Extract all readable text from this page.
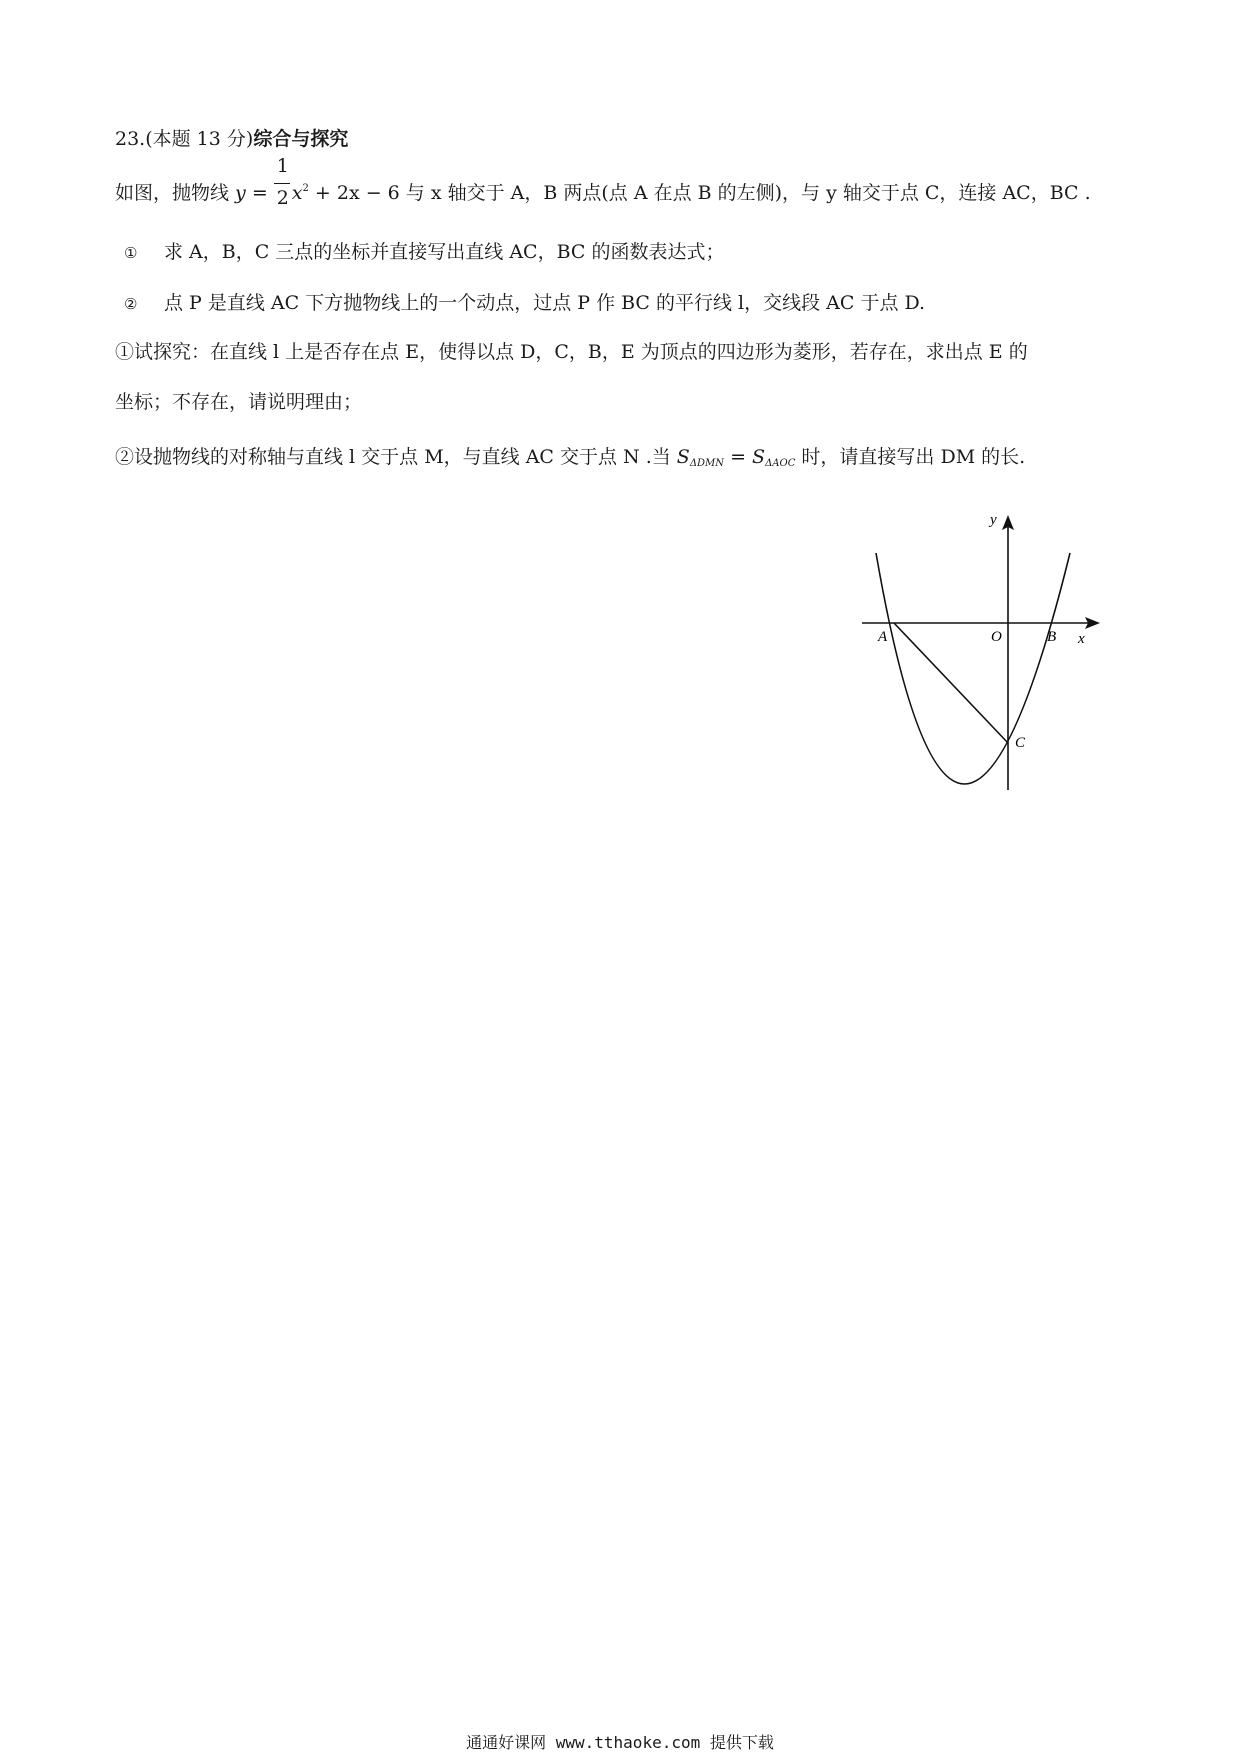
23.(本题 13 分)综合与探究
如图，抛物线 $y = \frac{1}{2} x^2 + 2x - 6$ 与 x 轴交于 A，B 两点(点 A 在点 B 的左侧)，与 y 轴交于点 C，连接 AC，BC .
① 求 A，B，C 三点的坐标并直接写出直线 AC，BC 的函数表达式；
② 点 P 是直线 AC 下方抛物线上的一个动点，过点 P 作 BC 的平行线 l，交线段 AC 于点 D.
①试探究：在直线 l 上是否存在点 E，使得以点 D，C，B，E 为顶点的四边形为菱形，若存在，求出点 E 的
坐标；不存在，请说明理由；
②设抛物线的对称轴与直线 l 交于点 M，与直线 AC 交于点 N .当 $S_{\Delta DMN} = S_{\Delta AOC}$ 时，请直接写出 DM 的长.
y
x
A	O	B
C
通通好课网 www.tthaoke.com 提供下载
